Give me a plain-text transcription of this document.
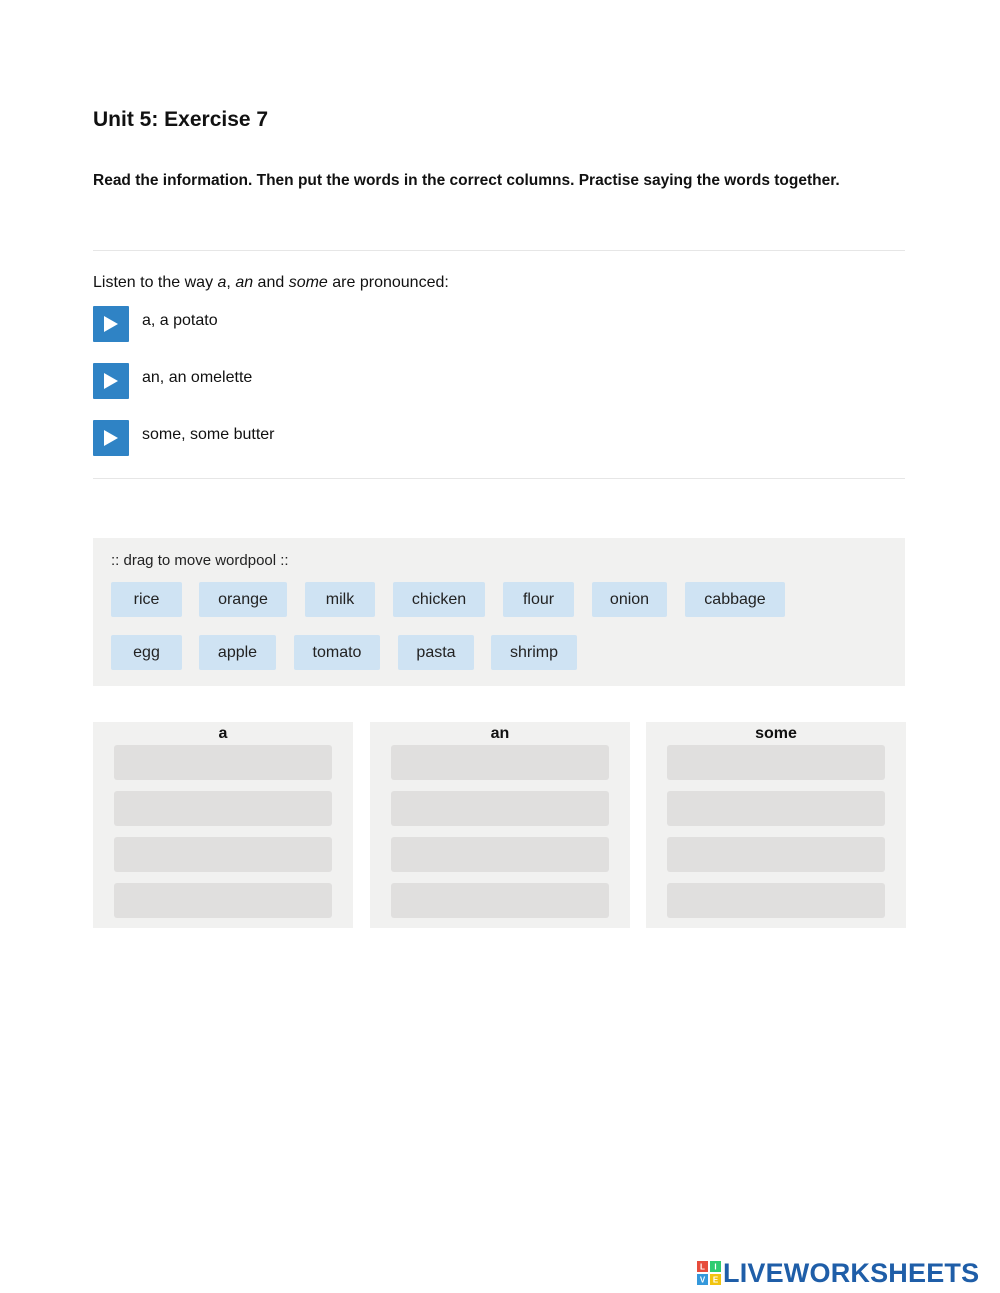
Unit 5: Exercise 7
Read the information. Then put the words in the correct columns. Practise saying the words together.
Listen to the way a, an and some are pronounced:
a, a potato
an, an omelette
some, some butter
:: drag to move wordpool ::
rice	orange	milk	chicken	flour	onion	cabbage
egg	apple	tomato	pasta	shrimp
a	an	some
L I
V E LIVEWORKSHEETS
